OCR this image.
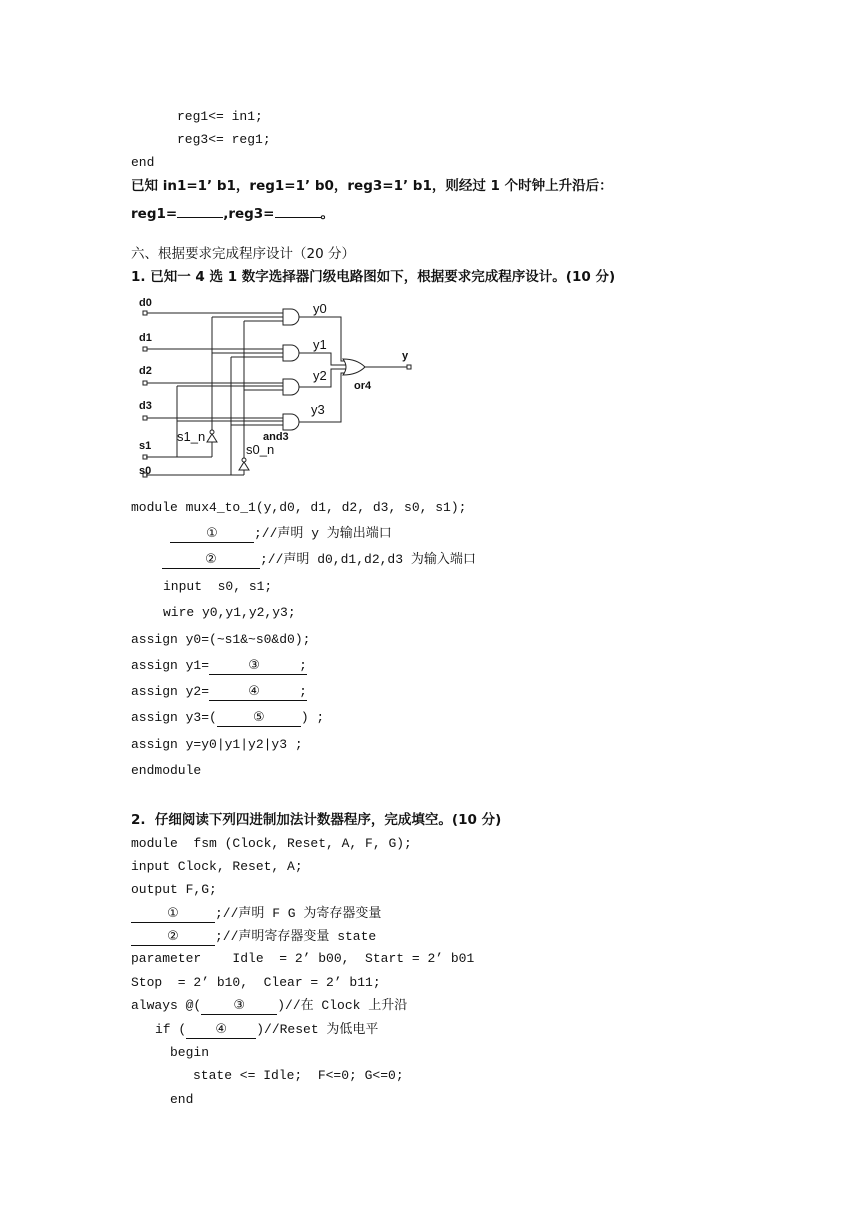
reg1<= in1;
reg3<= reg1;
end
已知 in1=1’ b1，reg1=1’ b0，reg3=1’ b1，则经过 1 个时钟上升沿后：
reg1=	,reg3=	。
六、根据要求完成程序设计（20 分）
1. 已知一 4 选 1 数字选择器门级电路图如下，根据要求完成程序设计。(10 分)
d0
d1
d2
d3
s1
s0
y0
y1
y2
y3
y
or4
and3
s1_n
s0_n
module mux4_to_1(y,d0, d1, d2, d3, s0, s1);
①	;//声明 y 为输出端口
②	;//声明 d0,d1,d2,d3 为输入端口
input  s0, s1;
wire y0,y1,y2,y3;
assign y0=(~s1&~s0&d0);
assign y1=	③	;
assign y2=	④	;
assign y3=(	⑤	) ;
assign y=y0|y1|y2|y3 ;
endmodule
2.  仔细阅读下列四进制加法计数器程序，完成填空。(10 分)
module  fsm (Clock, Reset, A, F, G);
input Clock, Reset, A;
output F,G;
①	;//声明 F G 为寄存器变量
②	;//声明寄存器变量 state
parameter    Idle  = 2’ b00,  Start = 2’ b01
Stop  = 2’ b10,  Clear = 2’ b11;
always @( ③ )//在 Clock 上升沿
if ( ④ )//Reset 为低电平
begin
state <= Idle;  F<=0; G<=0;
end
